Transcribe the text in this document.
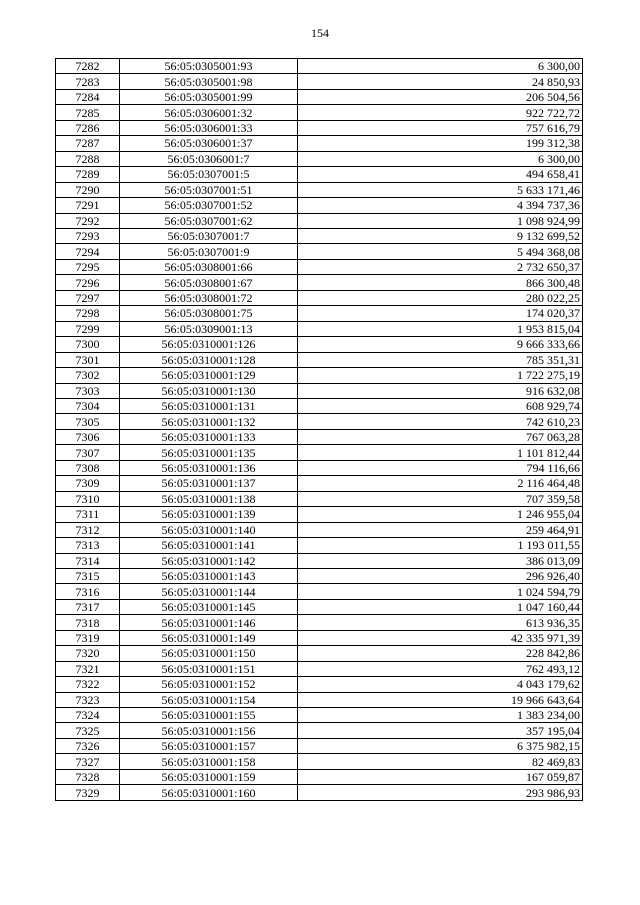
154
7282	56:05:0305001:93	6 300,00
7283	56:05:0305001:98	24 850,93
7284	56:05:0305001:99	206 504,56
7285	56:05:0306001:32	922 722,72
7286	56:05:0306001:33	757 616,79
7287	56:05:0306001:37	199 312,38
7288	56:05:0306001:7	6 300,00
7289	56:05:0307001:5	494 658,41
7290	56:05:0307001:51	5 633 171,46
7291	56:05:0307001:52	4 394 737,36
7292	56:05:0307001:62	1 098 924,99
7293	56:05:0307001:7	9 132 699,52
7294	56:05:0307001:9	5 494 368,08
7295	56:05:0308001:66	2 732 650,37
7296	56:05:0308001:67	866 300,48
7297	56:05:0308001:72	280 022,25
7298	56:05:0308001:75	174 020,37
7299	56:05:0309001:13	1 953 815,04
7300	56:05:0310001:126	9 666 333,66
7301	56:05:0310001:128	785 351,31
7302	56:05:0310001:129	1 722 275,19
7303	56:05:0310001:130	916 632,08
7304	56:05:0310001:131	608 929,74
7305	56:05:0310001:132	742 610,23
7306	56:05:0310001:133	767 063,28
7307	56:05:0310001:135	1 101 812,44
7308	56:05:0310001:136	794 116,66
7309	56:05:0310001:137	2 116 464,48
7310	56:05:0310001:138	707 359,58
7311	56:05:0310001:139	1 246 955,04
7312	56:05:0310001:140	259 464,91
7313	56:05:0310001:141	1 193 011,55
7314	56:05:0310001:142	386 013,09
7315	56:05:0310001:143	296 926,40
7316	56:05:0310001:144	1 024 594,79
7317	56:05:0310001:145	1 047 160,44
7318	56:05:0310001:146	613 936,35
7319	56:05:0310001:149	42 335 971,39
7320	56:05:0310001:150	228 842,86
7321	56:05:0310001:151	762 493,12
7322	56:05:0310001:152	4 043 179,62
7323	56:05:0310001:154	19 966 643,64
7324	56:05:0310001:155	1 383 234,00
7325	56:05:0310001:156	357 195,04
7326	56:05:0310001:157	6 375 982,15
7327	56:05:0310001:158	82 469,83
7328	56:05:0310001:159	167 059,87
7329	56:05:0310001:160	293 986,93
